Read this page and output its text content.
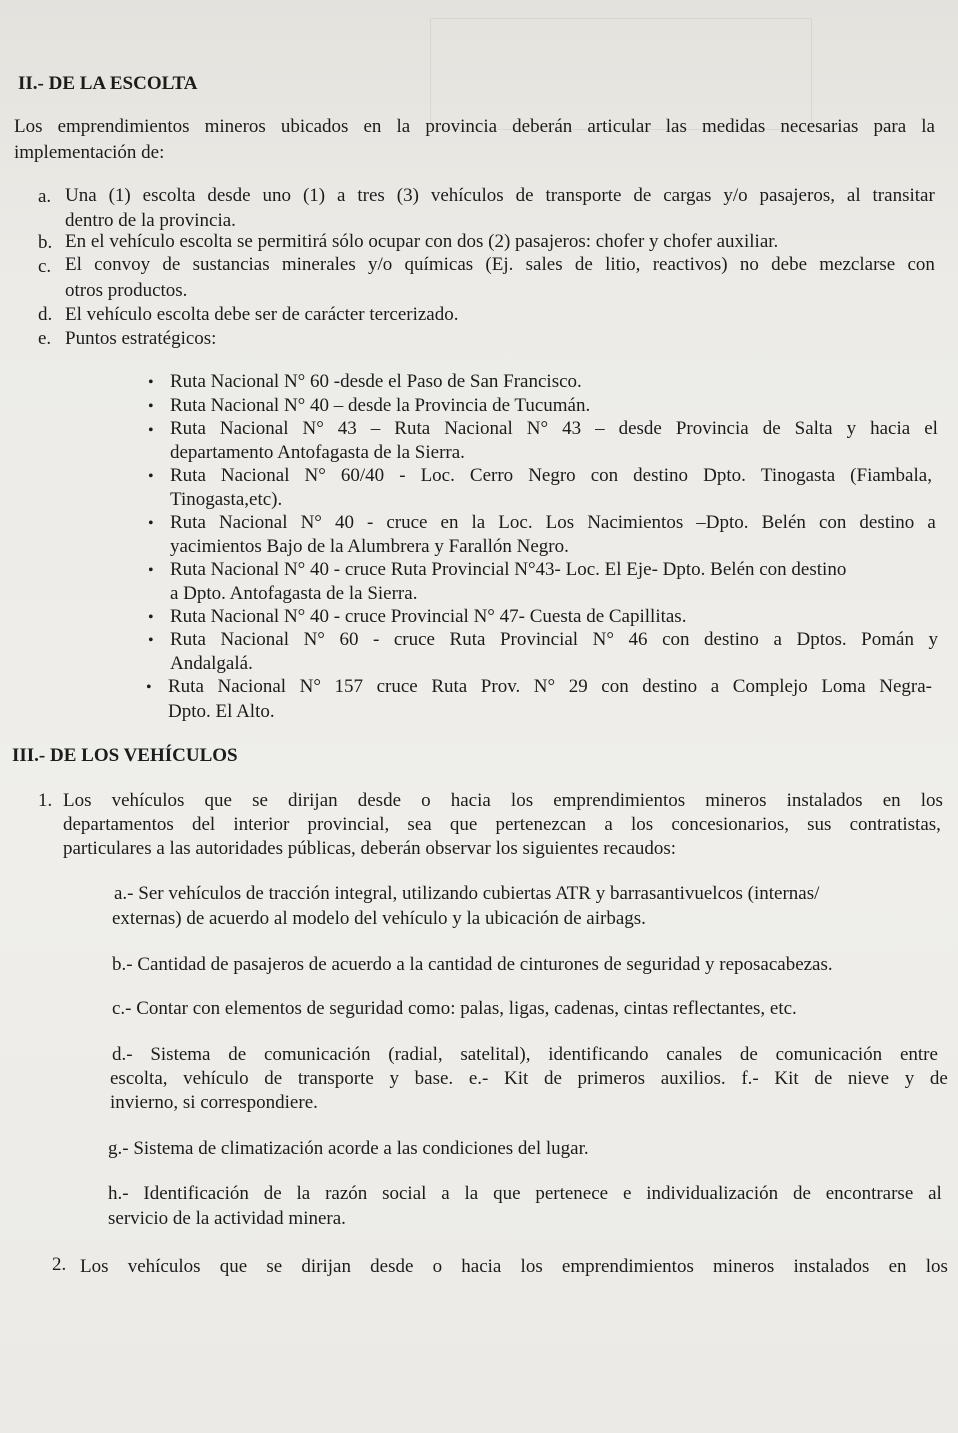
II.- DE LA ESCOLTA
Los emprendimientos mineros ubicados en la provincia deberán articular las medidas necesarias para la
implementación de:
a. Una (1) escolta desde uno (1) a tres (3) vehículos de transporte de cargas y/o pasajeros, al transitar
dentro de la provincia.
b. En el vehículo escolta se permitirá sólo ocupar con dos (2) pasajeros: chofer y chofer auxiliar.
c. El convoy de sustancias minerales y/o químicas (Ej. sales de litio, reactivos) no debe mezclarse con
otros productos.
d. El vehículo escolta debe ser de carácter tercerizado.
e. Puntos estratégicos:
• Ruta Nacional N° 60 -desde el Paso de San Francisco.
• Ruta Nacional N° 40 – desde la Provincia de Tucumán.
• Ruta Nacional N° 43 – Ruta Nacional N° 43 – desde Provincia de Salta y hacia el
departamento Antofagasta de la Sierra.
• Ruta Nacional N° 60/40 - Loc. Cerro Negro con destino Dpto. Tinogasta (Fiambala,
Tinogasta,etc).
• Ruta Nacional N° 40 - cruce en la Loc. Los Nacimientos –Dpto. Belén con destino a
yacimientos Bajo de la Alumbrera y Farallón Negro.
• Ruta Nacional N° 40 - cruce Ruta Provincial N°43- Loc. El Eje- Dpto. Belén con destino
a Dpto. Antofagasta de la Sierra.
• Ruta Nacional N° 40 - cruce Provincial N° 47- Cuesta de Capillitas.
• Ruta Nacional N° 60 - cruce Ruta Provincial N° 46 con destino a Dptos. Pomán y
Andalgalá.
• Ruta Nacional N° 157 cruce Ruta Prov. N° 29 con destino a Complejo Loma Negra-
Dpto. El Alto.
III.- DE LOS VEHÍCULOS
1. Los vehículos que se dirijan desde o hacia los emprendimientos mineros instalados en los
departamentos del interior provincial, sea que pertenezcan a los concesionarios, sus contratistas,
particulares a las autoridades públicas, deberán observar los siguientes recaudos:
a.- Ser vehículos de tracción integral, utilizando cubiertas ATR y barrasantivuelcos (internas/
externas) de acuerdo al modelo del vehículo y la ubicación de airbags.
b.- Cantidad de pasajeros de acuerdo a la cantidad de cinturones de seguridad y reposacabezas.
c.- Contar con elementos de seguridad como: palas, ligas, cadenas, cintas reflectantes, etc.
d.- Sistema de comunicación (radial, satelital), identificando canales de comunicación entre
escolta, vehículo de transporte y base. e.- Kit de primeros auxilios. f.- Kit de nieve y de
invierno, si correspondiere.
g.- Sistema de climatización acorde a las condiciones del lugar.
h.- Identificación de la razón social a la que pertenece e individualización de encontrarse al
servicio de la actividad minera.
2. Los vehículos que se dirijan desde o hacia los emprendimientos mineros instalados en los
